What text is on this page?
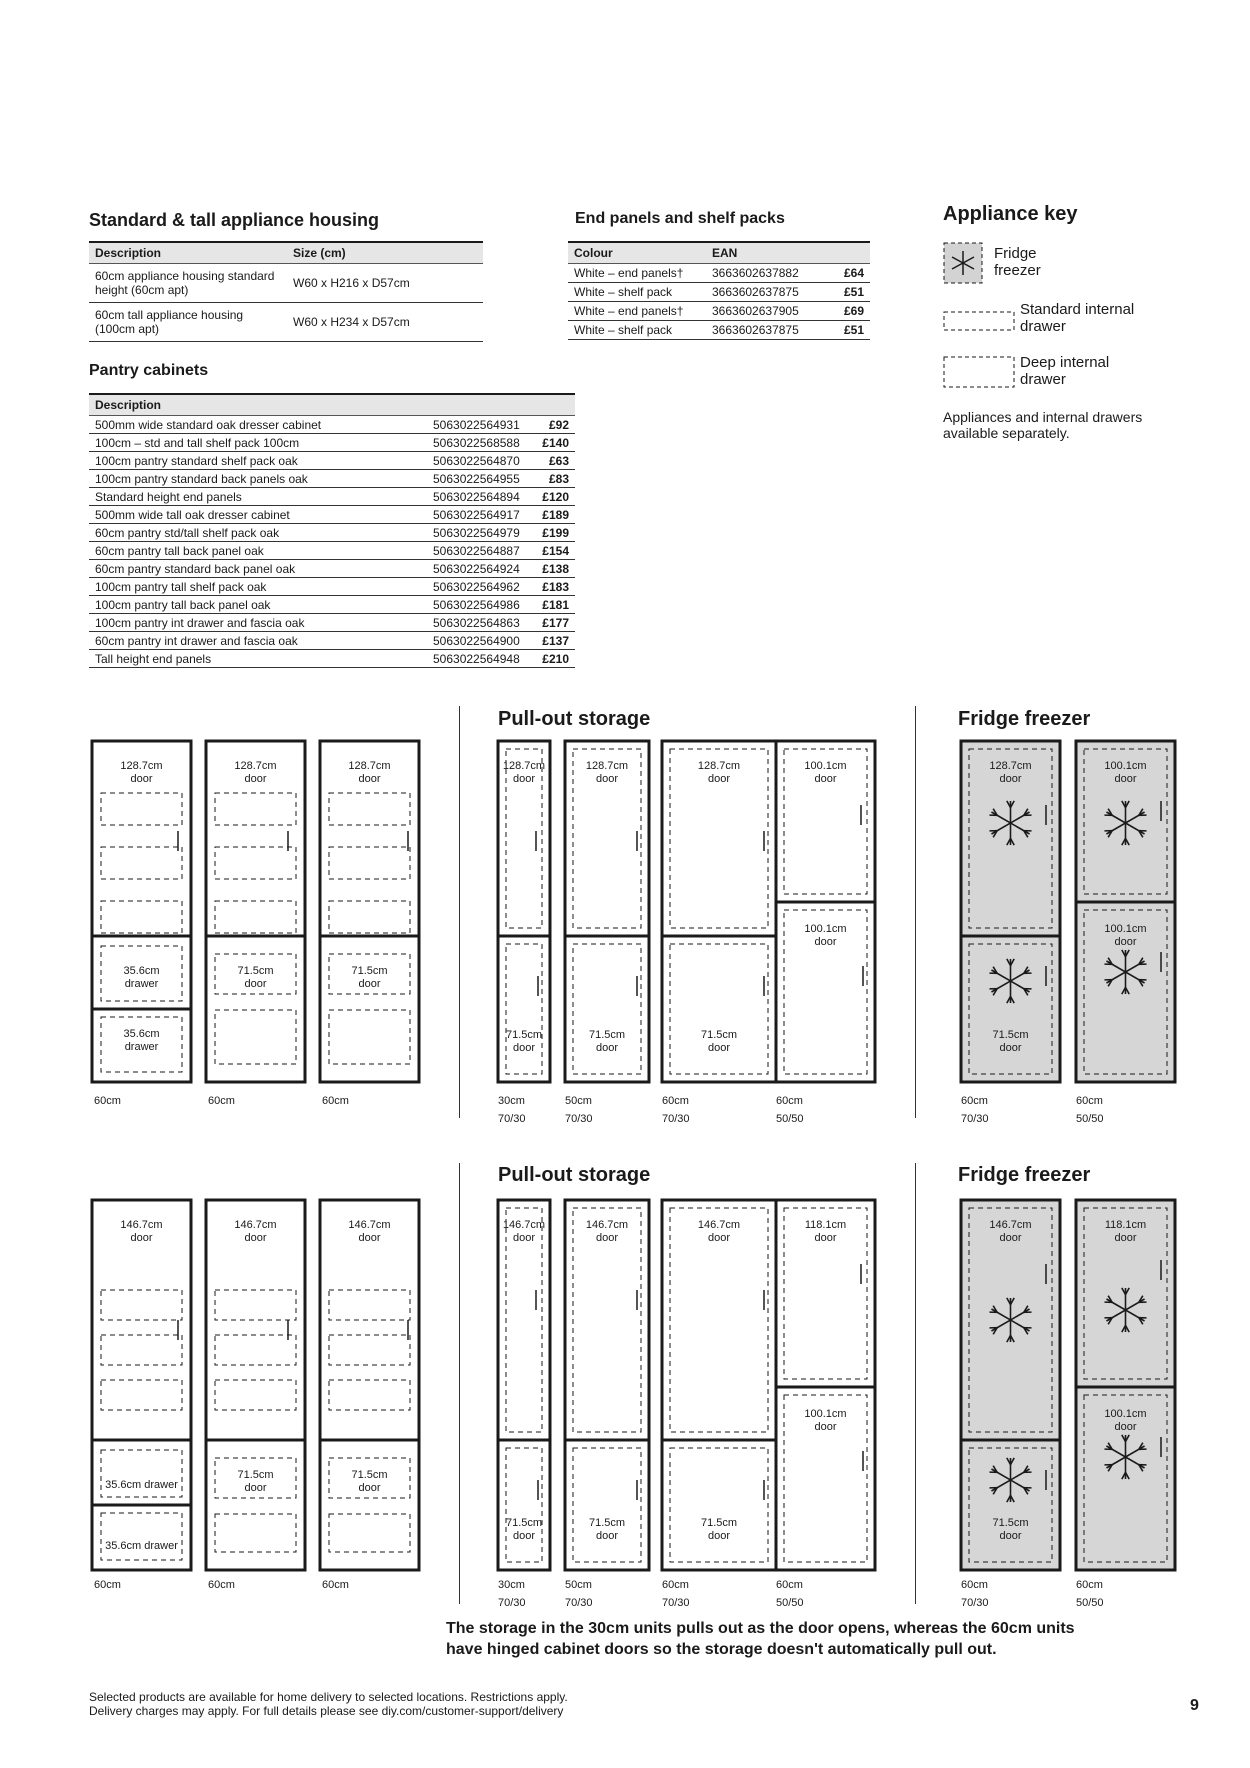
Standard & tall appliance housing
Description	Size (cm)
60cm appliance housing standard height (60cm apt)	W60 x H216 x D57cm
60cm tall appliance housing (100cm apt)	W60 x H234 x D57cm
End panels and shelf packs
Colour	EAN	
White – end panels†	3663602637882	£64
White – shelf pack	3663602637875	£51
White – end panels†	3663602637905	£69
White – shelf pack	3663602637875	£51
Appliance key
Fridge freezer
Standard internal drawer
Deep internal drawer
Appliances and internal drawers available separately.
Pantry cabinets
Description		
500mm wide standard oak dresser cabinet	5063022564931	£92
100cm – std and tall shelf pack 100cm	5063022568588	£140
100cm pantry standard shelf pack oak	5063022564870	£63
100cm pantry standard back panels oak	5063022564955	£83
Standard height end panels	5063022564894	£120
500mm wide tall oak dresser cabinet	5063022564917	£189
60cm pantry std/tall shelf pack oak	5063022564979	£199
60cm pantry tall back panel oak	5063022564887	£154
60cm pantry standard back panel oak	5063022564924	£138
100cm pantry tall shelf pack oak	5063022564962	£183
100cm pantry tall back panel oak	5063022564986	£181
100cm pantry int drawer and fascia oak	5063022564863	£177
60cm pantry int drawer and fascia oak	5063022564900	£137
Tall height end panels	5063022564948	£210
Pull-out storage	Fridge freezer
Pull-out storage	Fridge freezer
128.7cm door
35.6cm drawer
35.6cm drawer
60cm
128.7cm door
71.5cm door
60cm
128.7cm door
71.5cm door
60cm
128.7cm door
71.5cm door
30cm
70/30
128.7cm door
71.5cm door
50cm
70/30
128.7cm door
71.5cm door
60cm
70/30
100.1cm door
100.1cm door
60cm
50/50
128.7cm door
71.5cm door
60cm
70/30
100.1cm door
100.1cm door
60cm
50/50
146.7cm door
35.6cm drawer
35.6cm drawer
60cm
146.7cm door
71.5cm door
60cm
146.7cm door
71.5cm door
60cm
146.7cm door
71.5cm door
30cm
70/30
146.7cm door
71.5cm door
50cm
70/30
146.7cm door
71.5cm door
60cm
70/30
118.1cm door
100.1cm door
60cm
50/50
146.7cm door
71.5cm door
60cm
70/30
118.1cm door
100.1cm door
60cm
50/50
The storage in the 30cm units pulls out as the door opens, whereas the 60cm units have hinged cabinet doors so the storage doesn't automatically pull out.
Selected products are available for home delivery to selected locations. Restrictions apply.
Delivery charges may apply. For full details please see diy.com/customer-support/delivery	9
